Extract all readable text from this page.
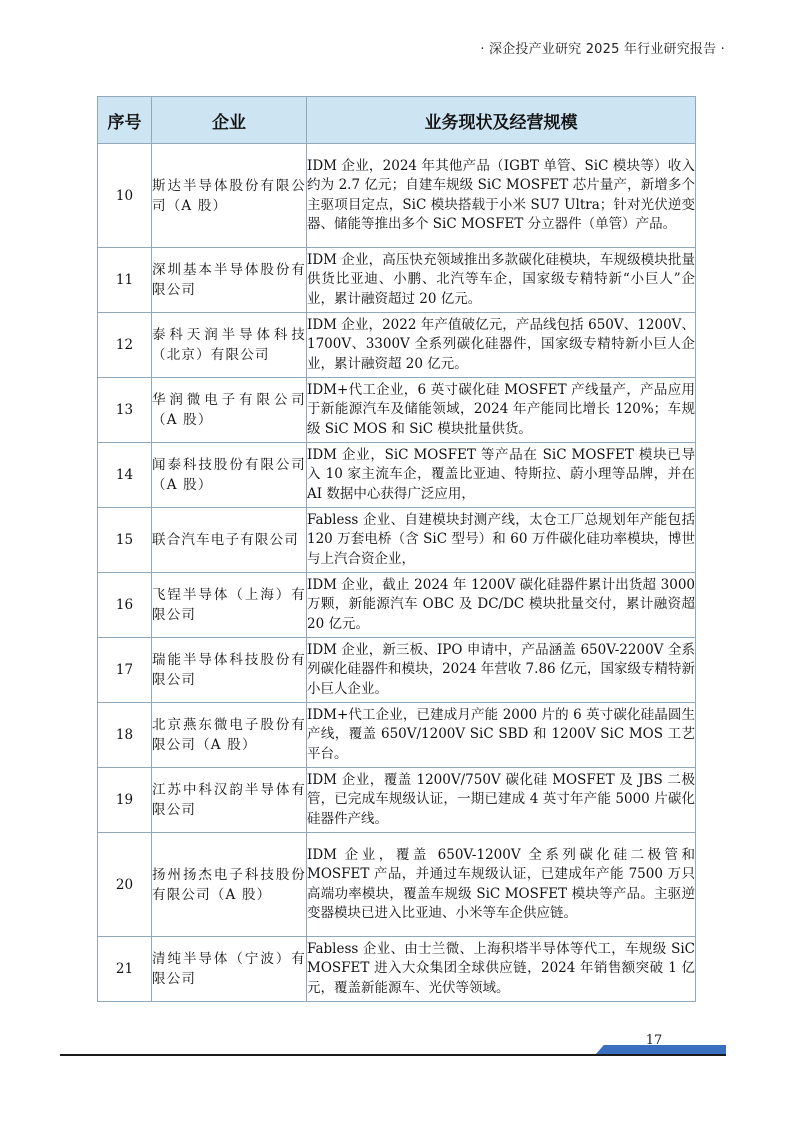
· 深企投产业研究 2025 年行业研究报告 ·
序号	企业	业务现状及经营规模
10	斯达半导体股份有限公司（A 股）	IDM 企业，2024 年其他产品（IGBT 单管、SiC 模块等）收入约为 2.7 亿元；自建车规级 SiC MOSFET 芯片量产，新增多个主驱项目定点，SiC 模块搭载于小米 SU7 Ultra；针对光伏逆变器、储能等推出多个 SiC MOSFET 分立器件（单管）产品。
11	深圳基本半导体股份有限公司	IDM 企业，高压快充领域推出多款碳化硅模块，车规级模块批量供货比亚迪、小鹏、北汽等车企，国家级专精特新“小巨人”企业，累计融资超过 20 亿元。
12	泰科天润半导体科技（北京）有限公司	IDM 企业，2022 年产值破亿元，产品线包括 650V、1200V、1700V、3300V 全系列碳化硅器件，国家级专精特新小巨人企业，累计融资超 20 亿元。
13	华润微电子有限公司（A 股）	IDM+代工企业，6 英寸碳化硅 MOSFET 产线量产，产品应用于新能源汽车及储能领域，2024 年产能同比增长 120%；车规级 SiC MOS 和 SiC 模块批量供货。
14	闻泰科技股份有限公司（A 股）	IDM 企业，SiC MOSFET 等产品在 SiC MOSFET 模块已导入 10 家主流车企，覆盖比亚迪、特斯拉、蔚小理等品牌，并在 AI 数据中心获得广泛应用，
15	联合汽车电子有限公司	Fabless 企业、自建模块封测产线，太仓工厂总规划年产能包括 120 万套电桥（含 SiC 型号）和 60 万件碳化硅功率模块，博世与上汽合资企业，
16	飞锃半导体（上海）有限公司	IDM 企业，截止 2024 年 1200V 碳化硅器件累计出货超 3000 万颗，新能源汽车 OBC 及 DC/DC 模块批量交付，累计融资超 20 亿元。
17	瑞能半导体科技股份有限公司	IDM 企业，新三板、IPO 申请中，产品涵盖 650V-2200V 全系列碳化硅器件和模块，2024 年营收 7.86 亿元，国家级专精特新小巨人企业。
18	北京燕东微电子股份有限公司（A 股）	IDM+代工企业，已建成月产能 2000 片的 6 英寸碳化硅晶圆生产线，覆盖 650V/1200V SiC SBD 和 1200V SiC MOS 工艺平台。
19	江苏中科汉韵半导体有限公司	IDM 企业，覆盖 1200V/750V 碳化硅 MOSFET 及 JBS 二极管，已完成车规级认证，一期已建成 4 英寸年产能 5000 片碳化硅器件产线。
20	扬州扬杰电子科技股份有限公司（A 股）	IDM 企业，覆盖 650V-1200V 全系列碳化硅二极管和 MOSFET 产品，并通过车规级认证，已建成年产能 7500 万只高端功率模块，覆盖车规级 SiC MOSFET 模块等产品。主驱逆变器模块已进入比亚迪、小米等车企供应链。
21	清纯半导体（宁波）有限公司	Fabless 企业、由士兰微、上海积塔半导体等代工，车规级 SiC MOSFET 进入大众集团全球供应链，2024 年销售额突破 1 亿元，覆盖新能源车、光伏等领域。
17
